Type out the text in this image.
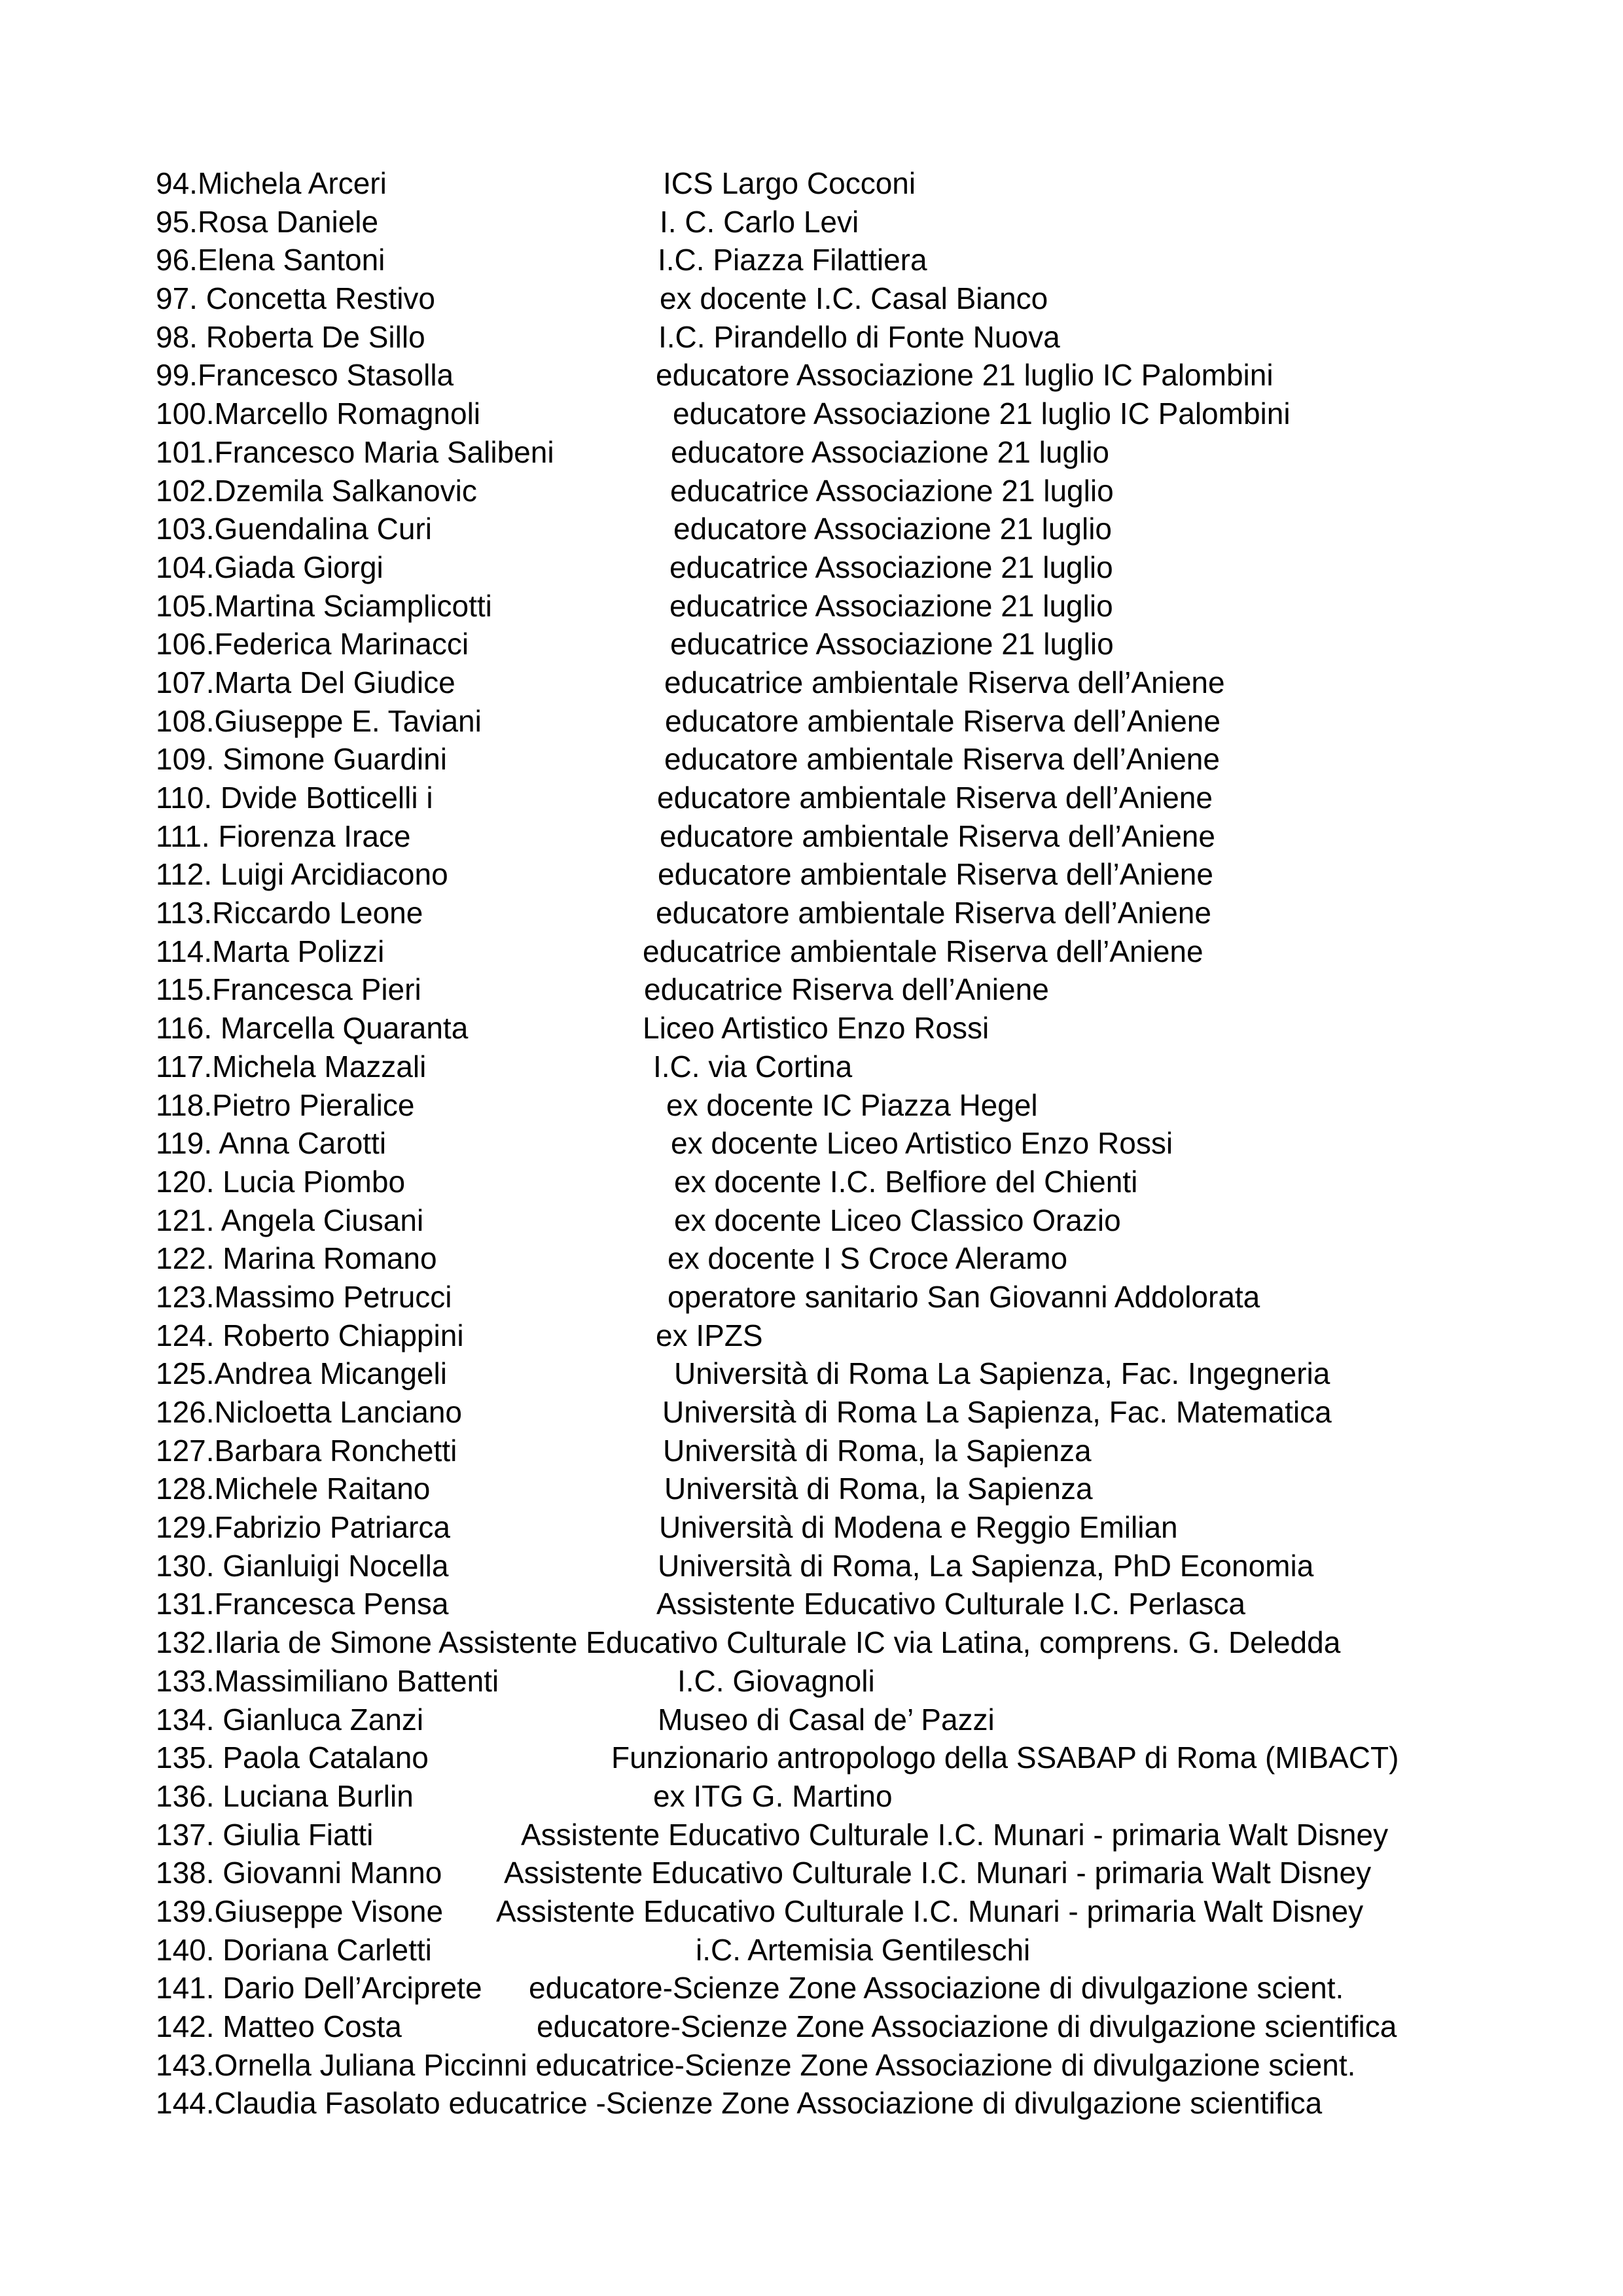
94.Michela Arceri	ICS Largo Cocconi
95.Rosa Daniele	I. C. Carlo Levi
96.Elena Santoni	I.C. Piazza Filattiera
97. Concetta Restivo	ex docente I.C. Casal Bianco
98. Roberta De Sillo	I.C. Pirandello di Fonte Nuova
99.Francesco Stasolla	educatore Associazione 21 luglio IC Palombini
100.Marcello Romagnoli	educatore Associazione 21 luglio IC Palombini
101.Francesco Maria Salibeni	educatore Associazione 21 luglio
102.Dzemila Salkanovic	educatrice Associazione 21 luglio
103.Guendalina Curi	educatore Associazione 21 luglio
104.Giada Giorgi	educatrice Associazione 21 luglio
105.Martina Sciamplicotti	educatrice Associazione 21 luglio
106.Federica Marinacci	educatrice Associazione 21 luglio
107.Marta Del Giudice	educatrice ambientale Riserva dell’Aniene
108.Giuseppe E. Taviani	educatore ambientale Riserva dell’Aniene
109. Simone Guardini	educatore ambientale Riserva dell’Aniene
110. Dvide Botticelli i	educatore ambientale Riserva dell’Aniene
111. Fiorenza Irace	educatore ambientale Riserva dell’Aniene
112. Luigi Arcidiacono	educatore ambientale Riserva dell’Aniene
113.Riccardo Leone	educatore ambientale Riserva dell’Aniene
114.Marta Polizzi	educatrice ambientale Riserva dell’Aniene
115.Francesca Pieri	educatrice Riserva dell’Aniene
116. Marcella Quaranta	Liceo Artistico Enzo Rossi
117.Michela Mazzali	I.C. via Cortina
118.Pietro Pieralice	ex docente IC Piazza Hegel
119. Anna Carotti	ex docente Liceo Artistico Enzo Rossi
120. Lucia Piombo	ex docente I.C. Belfiore del Chienti
121. Angela Ciusani	ex docente Liceo Classico Orazio
122. Marina Romano	ex docente I S Croce Aleramo
123.Massimo Petrucci	operatore sanitario San Giovanni Addolorata
124. Roberto Chiappini	ex IPZS
125.Andrea Micangeli	Università di Roma La Sapienza, Fac. Ingegneria
126.Nicloetta Lanciano	Università di Roma La Sapienza, Fac. Matematica
127.Barbara Ronchetti	Università di Roma, la Sapienza
128.Michele Raitano	Università di Roma, la Sapienza
129.Fabrizio Patriarca	Università di Modena e Reggio Emilian
130. Gianluigi Nocella	Università di Roma, La Sapienza, PhD Economia
131.Francesca Pensa	Assistente Educativo Culturale I.C. Perlasca
132.Ilaria de Simone Assistente Educativo Culturale IC via Latina, comprens. G. Deledda
133.Massimiliano Battenti	I.C. Giovagnoli
134. Gianluca Zanzi	Museo di Casal de’ Pazzi
135. Paola Catalano	Funzionario antropologo della SSABAP di Roma (MIBACT)
136. Luciana Burlin	ex ITG G. Martino
137. Giulia Fiatti	Assistente Educativo Culturale I.C. Munari - primaria Walt Disney
138. Giovanni Manno Assistente Educativo Culturale I.C. Munari - primaria Walt Disney
139.Giuseppe Visone Assistente Educativo Culturale I.C. Munari - primaria Walt Disney
140. Doriana Carletti	i.C. Artemisia Gentileschi
141. Dario Dell’Arciprete educatore-Scienze Zone Associazione di divulgazione scient.
142. Matteo Costa	educatore-Scienze Zone Associazione di divulgazione scientifica
143.Ornella Juliana Piccinni educatrice-Scienze Zone Associazione di divulgazione scient.
144.Claudia Fasolato educatrice -Scienze Zone Associazione di divulgazione scientifica
